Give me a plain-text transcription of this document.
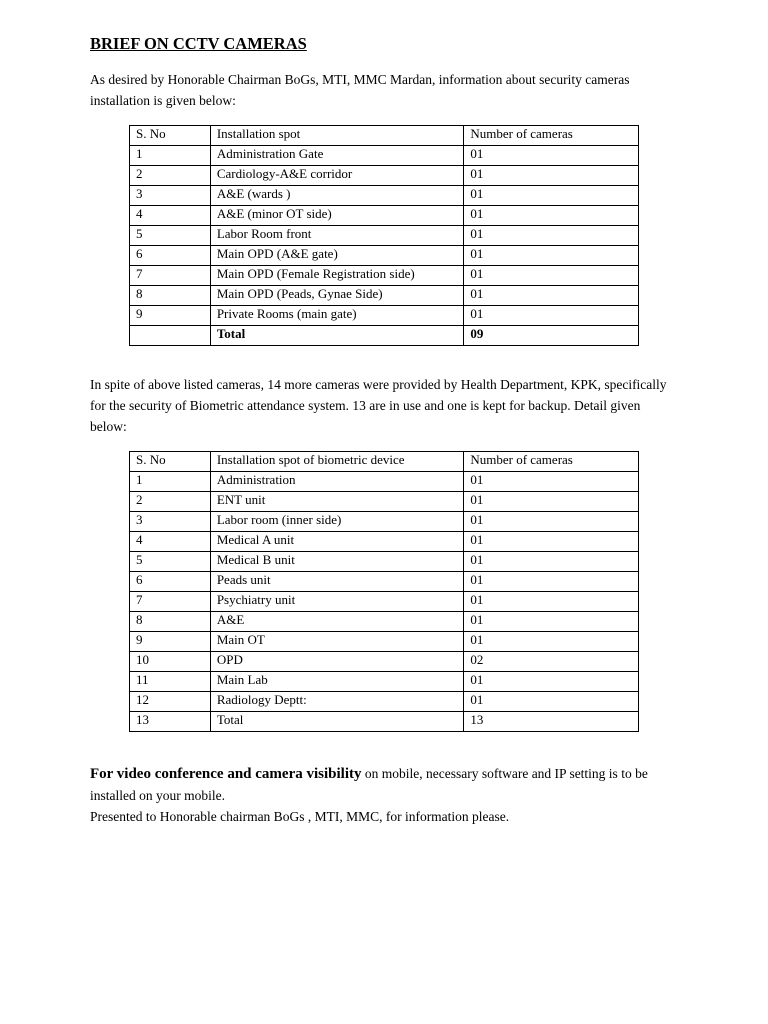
BRIEF ON CCTV CAMERAS

As desired by Honorable Chairman BoGs, MTI, MMC Mardan, information about security cameras installation is given below:

S. No	Installation spot	Number of cameras
1	Administration Gate	01
2	Cardiology-A&E corridor	01
3	A&E (wards )	01
4	A&E (minor OT side)	01
5	Labor Room front	01
6	Main OPD (A&E gate)	01
7	Main OPD (Female Registration side)	01
8	Main OPD (Peads, Gynae Side)	01
9	Private Rooms (main gate)	01
	Total	09

In spite of above listed cameras, 14 more cameras were provided by Health Department, KPK, specifically for the security of Biometric attendance system. 13 are in use and one is kept for backup. Detail given below:

S. No	Installation spot of biometric device	Number of cameras
1	Administration	01
2	ENT unit	01
3	Labor room (inner side)	01
4	Medical A unit	01
5	Medical B unit	01
6	Peads unit	01
7	Psychiatry unit	01
8	A&E	01
9	Main OT	01
10	OPD	02
11	Main Lab	01
12	Radiology Deptt:	01
13	Total	13
For video conference and camera visibility on mobile, necessary software and IP setting is to be installed on your mobile.
Presented to Honorable chairman BoGs , MTI, MMC, for information please.
